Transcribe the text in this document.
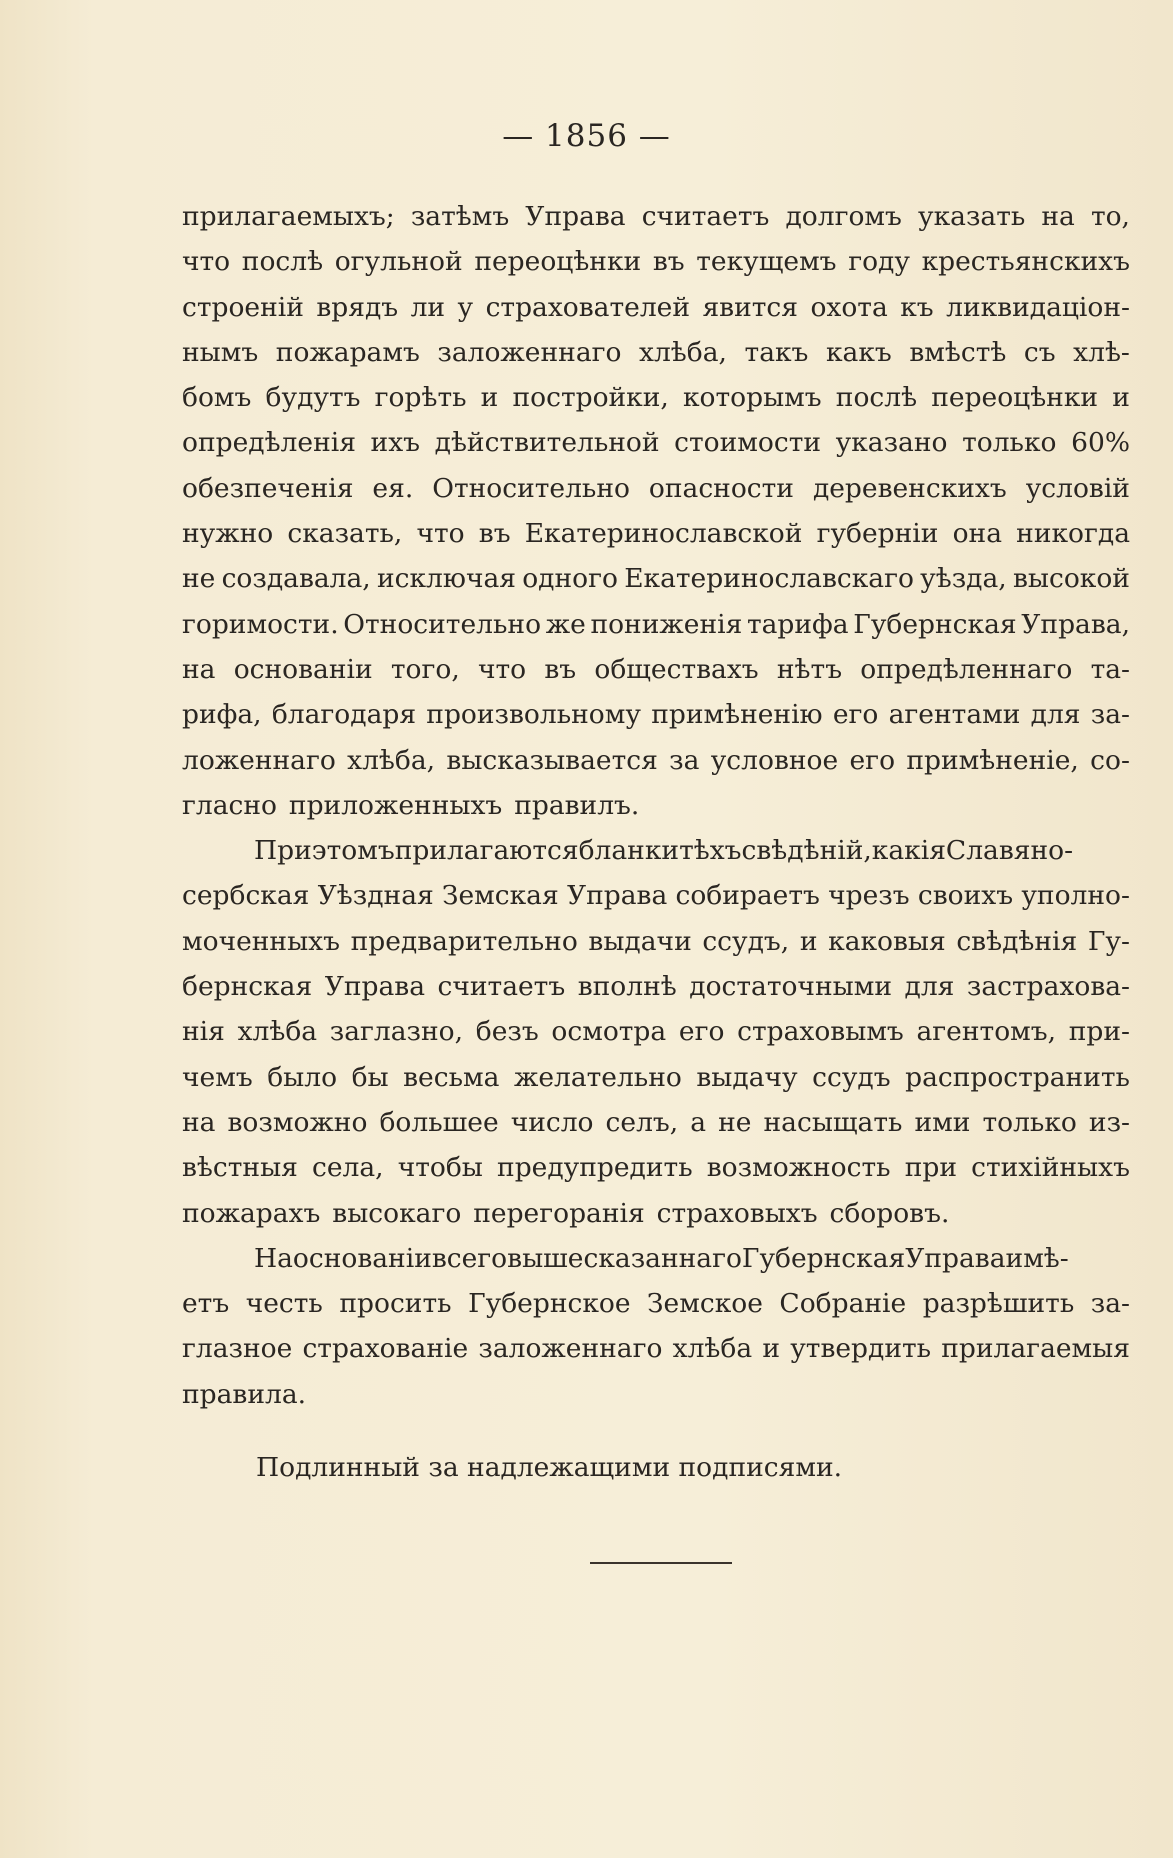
— 1856 —
прилагаемыхъ; затѣмъ Управа считаетъ долгомъ указать на то,
что послѣ огульной переоцѣнки въ текущемъ году крестьянскихъ
строеній врядъ ли у страхователей явится охота къ ликвидаціон-
нымъ пожарамъ заложеннаго хлѣба, такъ какъ вмѣстѣ съ хлѣ-
бомъ будутъ горѣть и постройки, которымъ послѣ переоцѣнки и
опредѣленія ихъ дѣйствительной стоимости указано только 60%
обезпеченія ея. Относительно опасности деревенскихъ условій
нужно сказать, что въ Екатеринославской губерніи она никогда
не создавала, исключая одного Екатеринославскаго уѣзда, высокой
горимости. Относительно же пониженія тарифа Губернская Управа,
на основаніи того, что въ обществахъ нѣтъ опредѣленнаго та-
рифа, благодаря произвольному примѣненію его агентами для за-
ложеннаго хлѣба, высказывается за условное его примѣненіе, со-
гласно приложенныхъ правилъ.
При этомъ прилагаются бланки тѣхъ свѣдѣній, какія Славяно-
сербская Уѣздная Земская Управа собираетъ чрезъ своихъ уполно-
моченныхъ предварительно выдачи ссудъ, и каковыя свѣдѣнія Гу-
бернская Управа считаетъ вполнѣ достаточными для застрахова-
нія хлѣба заглазно, безъ осмотра его страховымъ агентомъ, при-
чемъ было бы весьма желательно выдачу ссудъ распространить
на возможно большее число селъ, а не насыщать ими только из-
вѣстныя села, чтобы предупредить возможность при стихійныхъ
пожарахъ высокаго перегоранія страховыхъ сборовъ.
На основаніи всего вышесказаннаго Губернская Управа имѣ-
етъ честь просить Губернское Земское Собраніе разрѣшить за-
глазное страхованіе заложеннаго хлѣба и утвердить прилагаемыя
правила.
Подлинный за надлежащими подписями.
